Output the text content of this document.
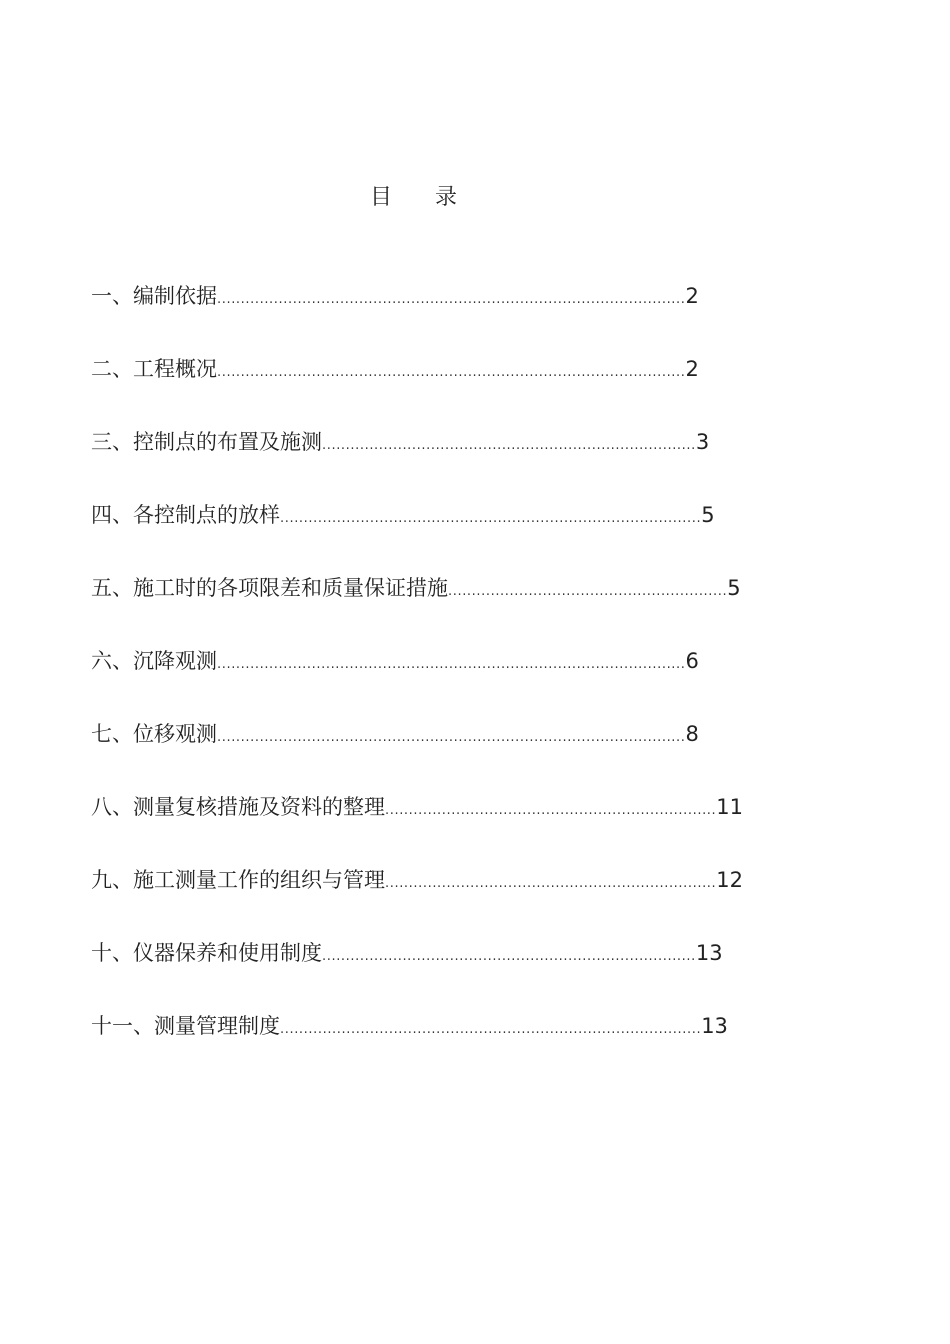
目 录
一、编制依据...................................................................................................2
二、工程概况...................................................................................................2
三、控制点的布置及施测...............................................................................3
四、各控制点的放样.........................................................................................5
五、施工时的各项限差和质量保证措施...........................................................5
六、沉降观测...................................................................................................6
七、位移观测...................................................................................................8
八、测量复核措施及资料的整理......................................................................11
九、施工测量工作的组织与管理......................................................................12
十、仪器保养和使用制度...............................................................................13
十一、测量管理制度.........................................................................................13
